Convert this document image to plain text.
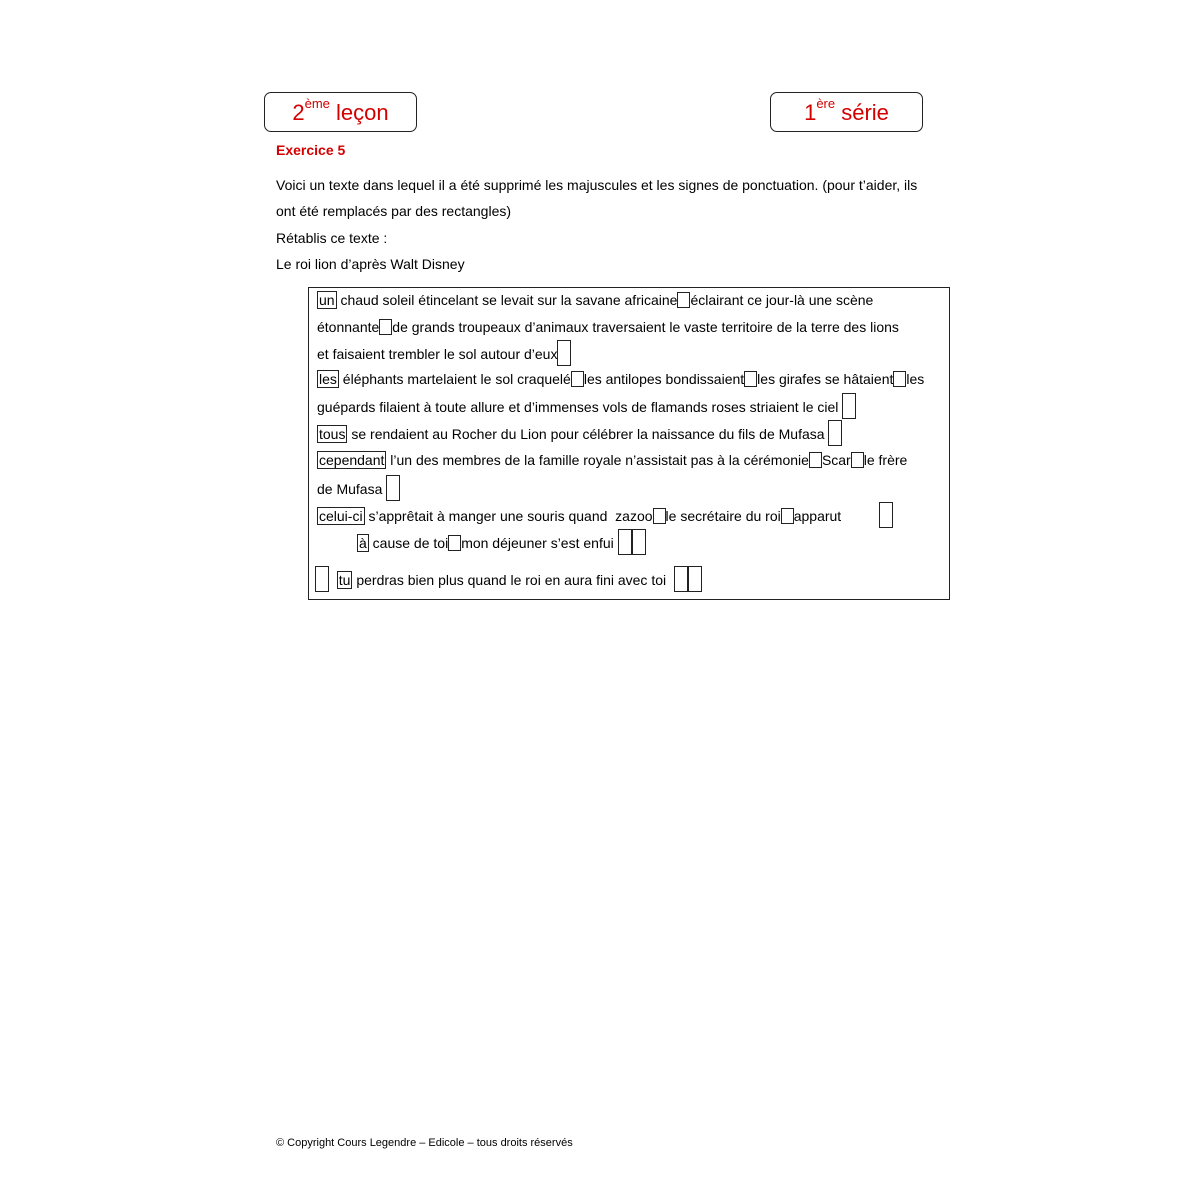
2ème leçon	1ère série
Exercice 5
Voici un texte dans lequel il a été supprimé les majuscules et les signes de ponctuation. (pour t’aider, ils ont été remplacés par des rectangles)
Rétablis ce texte :
Le roi lion d’après Walt Disney
un chaud soleil étincelant se levait sur la savane africaine éclairant ce jour-là une scène
étonnante de grands troupeaux d’animaux traversaient le vaste territoire de la terre des lions
et faisaient trembler le sol autour d’eux
les éléphants martelaient le sol craquelé les antilopes bondissaient les girafes se hâtaient les
guépards filaient à toute allure et d’immenses vols de flamands roses striaient le ciel
tous se rendaient au Rocher du Lion pour célébrer la naissance du fils de Mufasa
cependant l’un des membres de la famille royale n’assistait pas à la cérémonie Scar le frère
de Mufasa
celui-ci s’apprêtait à manger une souris quand  zazoo le secrétaire du roi apparut
à cause de toi mon déjeuner s’est enfui
tu perdras bien plus quand le roi en aura fini avec toi
© Copyright Cours Legendre – Edicole – tous droits réservés
